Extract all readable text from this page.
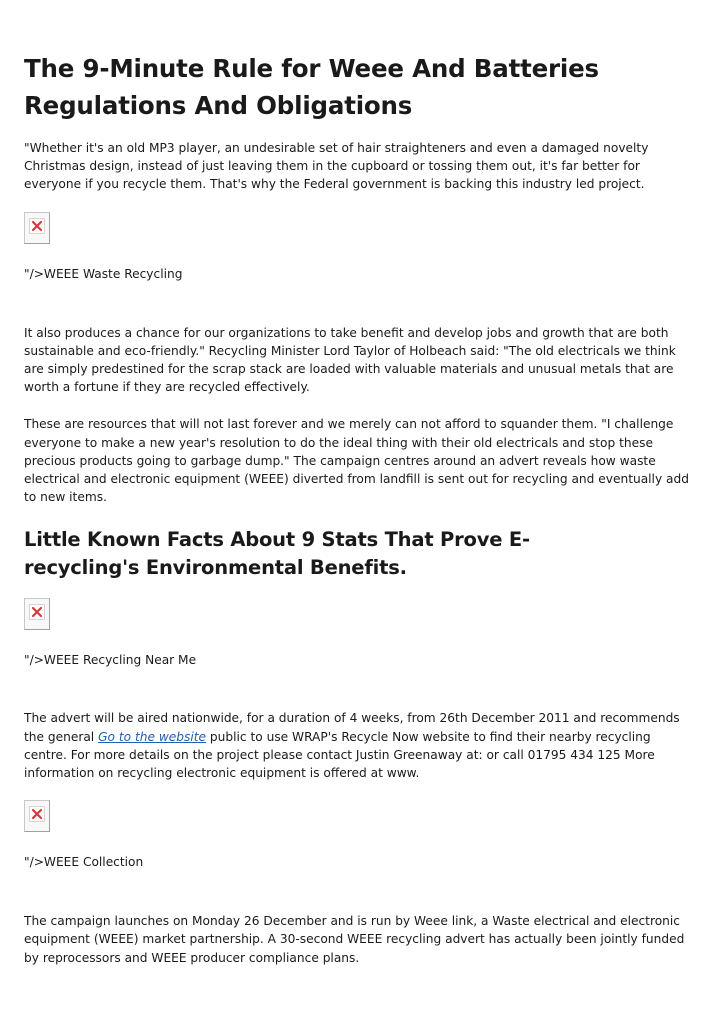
The 9-Minute Rule for Weee And Batteries Regulations And Obligations

"Whether it's an old MP3 player, an undesirable set of hair straighteners and even a damaged novelty Christmas design, instead of just leaving them in the cupboard or tossing them out, it's far better for everyone if you recycle them. That's why the Federal government is backing this industry led project.

"/>WEEE Waste Recycling

It also produces a chance for our organizations to take benefit and develop jobs and growth that are both sustainable and eco-friendly." Recycling Minister Lord Taylor of Holbeach said: "The old electricals we think are simply predestined for the scrap stack are loaded with valuable materials and unusual metals that are worth a fortune if they are recycled effectively.

These are resources that will not last forever and we merely can not afford to squander them. "I challenge everyone to make a new year's resolution to do the ideal thing with their old electricals and stop these precious products going to garbage dump." The campaign centres around an advert reveals how waste electrical and electronic equipment (WEEE) diverted from landfill is sent out for recycling and eventually add to new items.

Little Known Facts About 9 Stats That Prove E-recycling's Environmental Benefits.

"/>WEEE Recycling Near Me

The advert will be aired nationwide, for a duration of 4 weeks, from 26th December 2011 and recommends the general Go to the website public to use WRAP's Recycle Now website to find their nearby recycling centre. For more details on the project please contact Justin Greenaway at: or call 01795 434 125 More information on recycling electronic equipment is offered at www.

"/>WEEE Collection

The campaign launches on Monday 26 December and is run by Weee link, a Waste electrical and electronic equipment (WEEE) market partnership. A 30-second WEEE recycling advert has actually been jointly funded by reprocessors and WEEE producer compliance plans.
